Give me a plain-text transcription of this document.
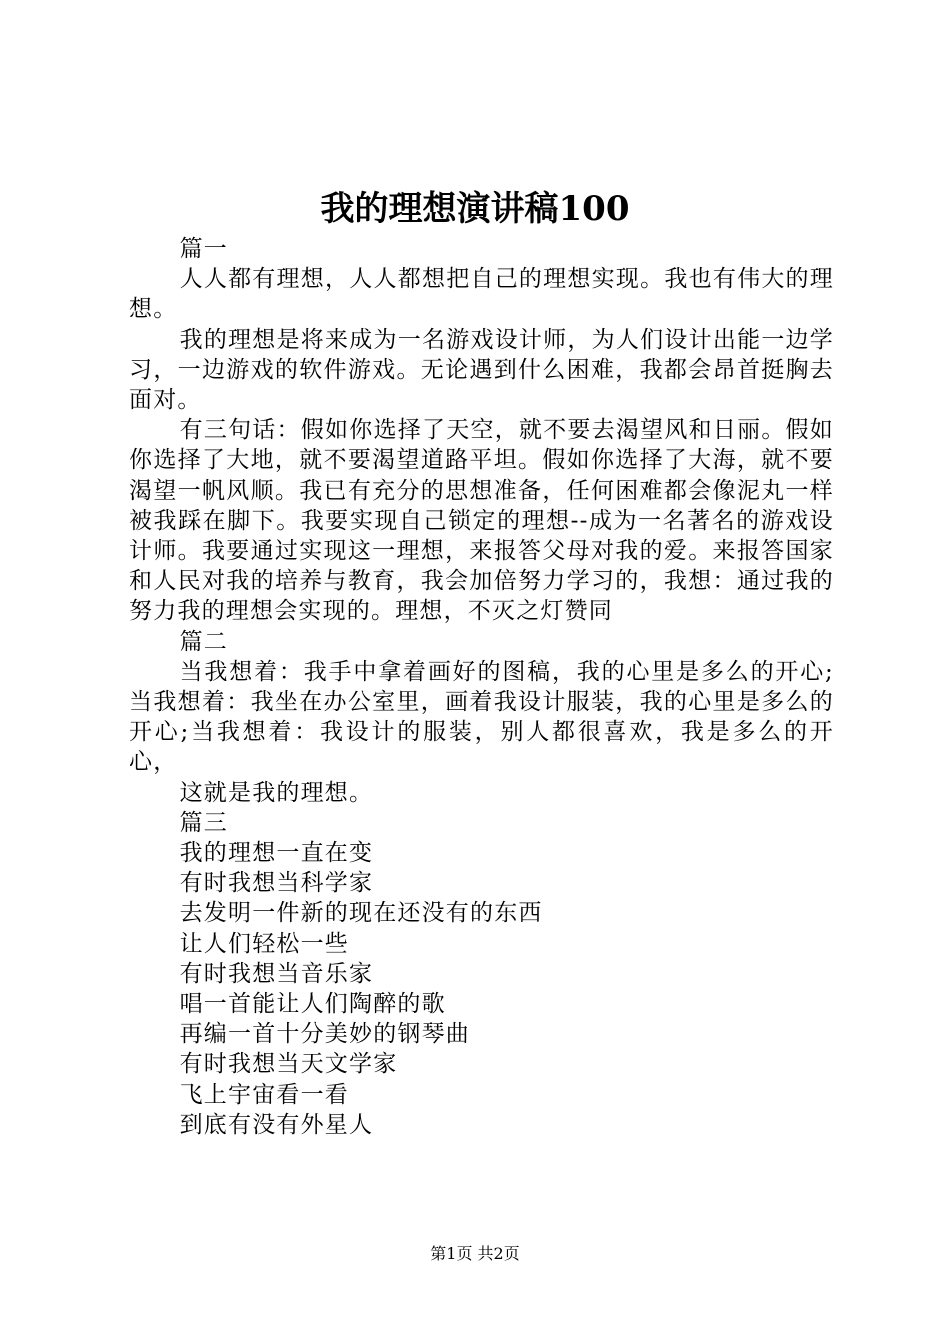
我的理想演讲稿100

篇一

人人都有理想，人人都想把自己的理想实现。我也有伟大的理想。

我的理想是将来成为一名游戏设计师，为人们设计出能一边学习，一边游戏的软件游戏。无论遇到什么困难，我都会昂首挺胸去面对。

有三句话：假如你选择了天空，就不要去渴望风和日丽。假如你选择了大地，就不要渴望道路平坦。假如你选择了大海，就不要渴望一帆风顺。我已有充分的思想准备，任何困难都会像泥丸一样被我踩在脚下。我要实现自己锁定的理想--成为一名著名的游戏设计师。我要通过实现这一理想，来报答父母对我的爱。来报答国家和人民对我的培养与教育，我会加倍努力学习的，我想：通过我的努力我的理想会实现的。理想，不灭之灯赞同

篇二

当我想着：我手中拿着画好的图稿，我的心里是多么的开心;当我想着：我坐在办公室里，画着我设计服装，我的心里是多么的开心;当我想着：我设计的服装，别人都很喜欢，我是多么的开心，

这就是我的理想。

篇三

我的理想一直在变

有时我想当科学家

去发明一件新的现在还没有的东西

让人们轻松一些

有时我想当音乐家

唱一首能让人们陶醉的歌

再编一首十分美妙的钢琴曲

有时我想当天文学家

飞上宇宙看一看

到底有没有外星人

第1页 共2页
